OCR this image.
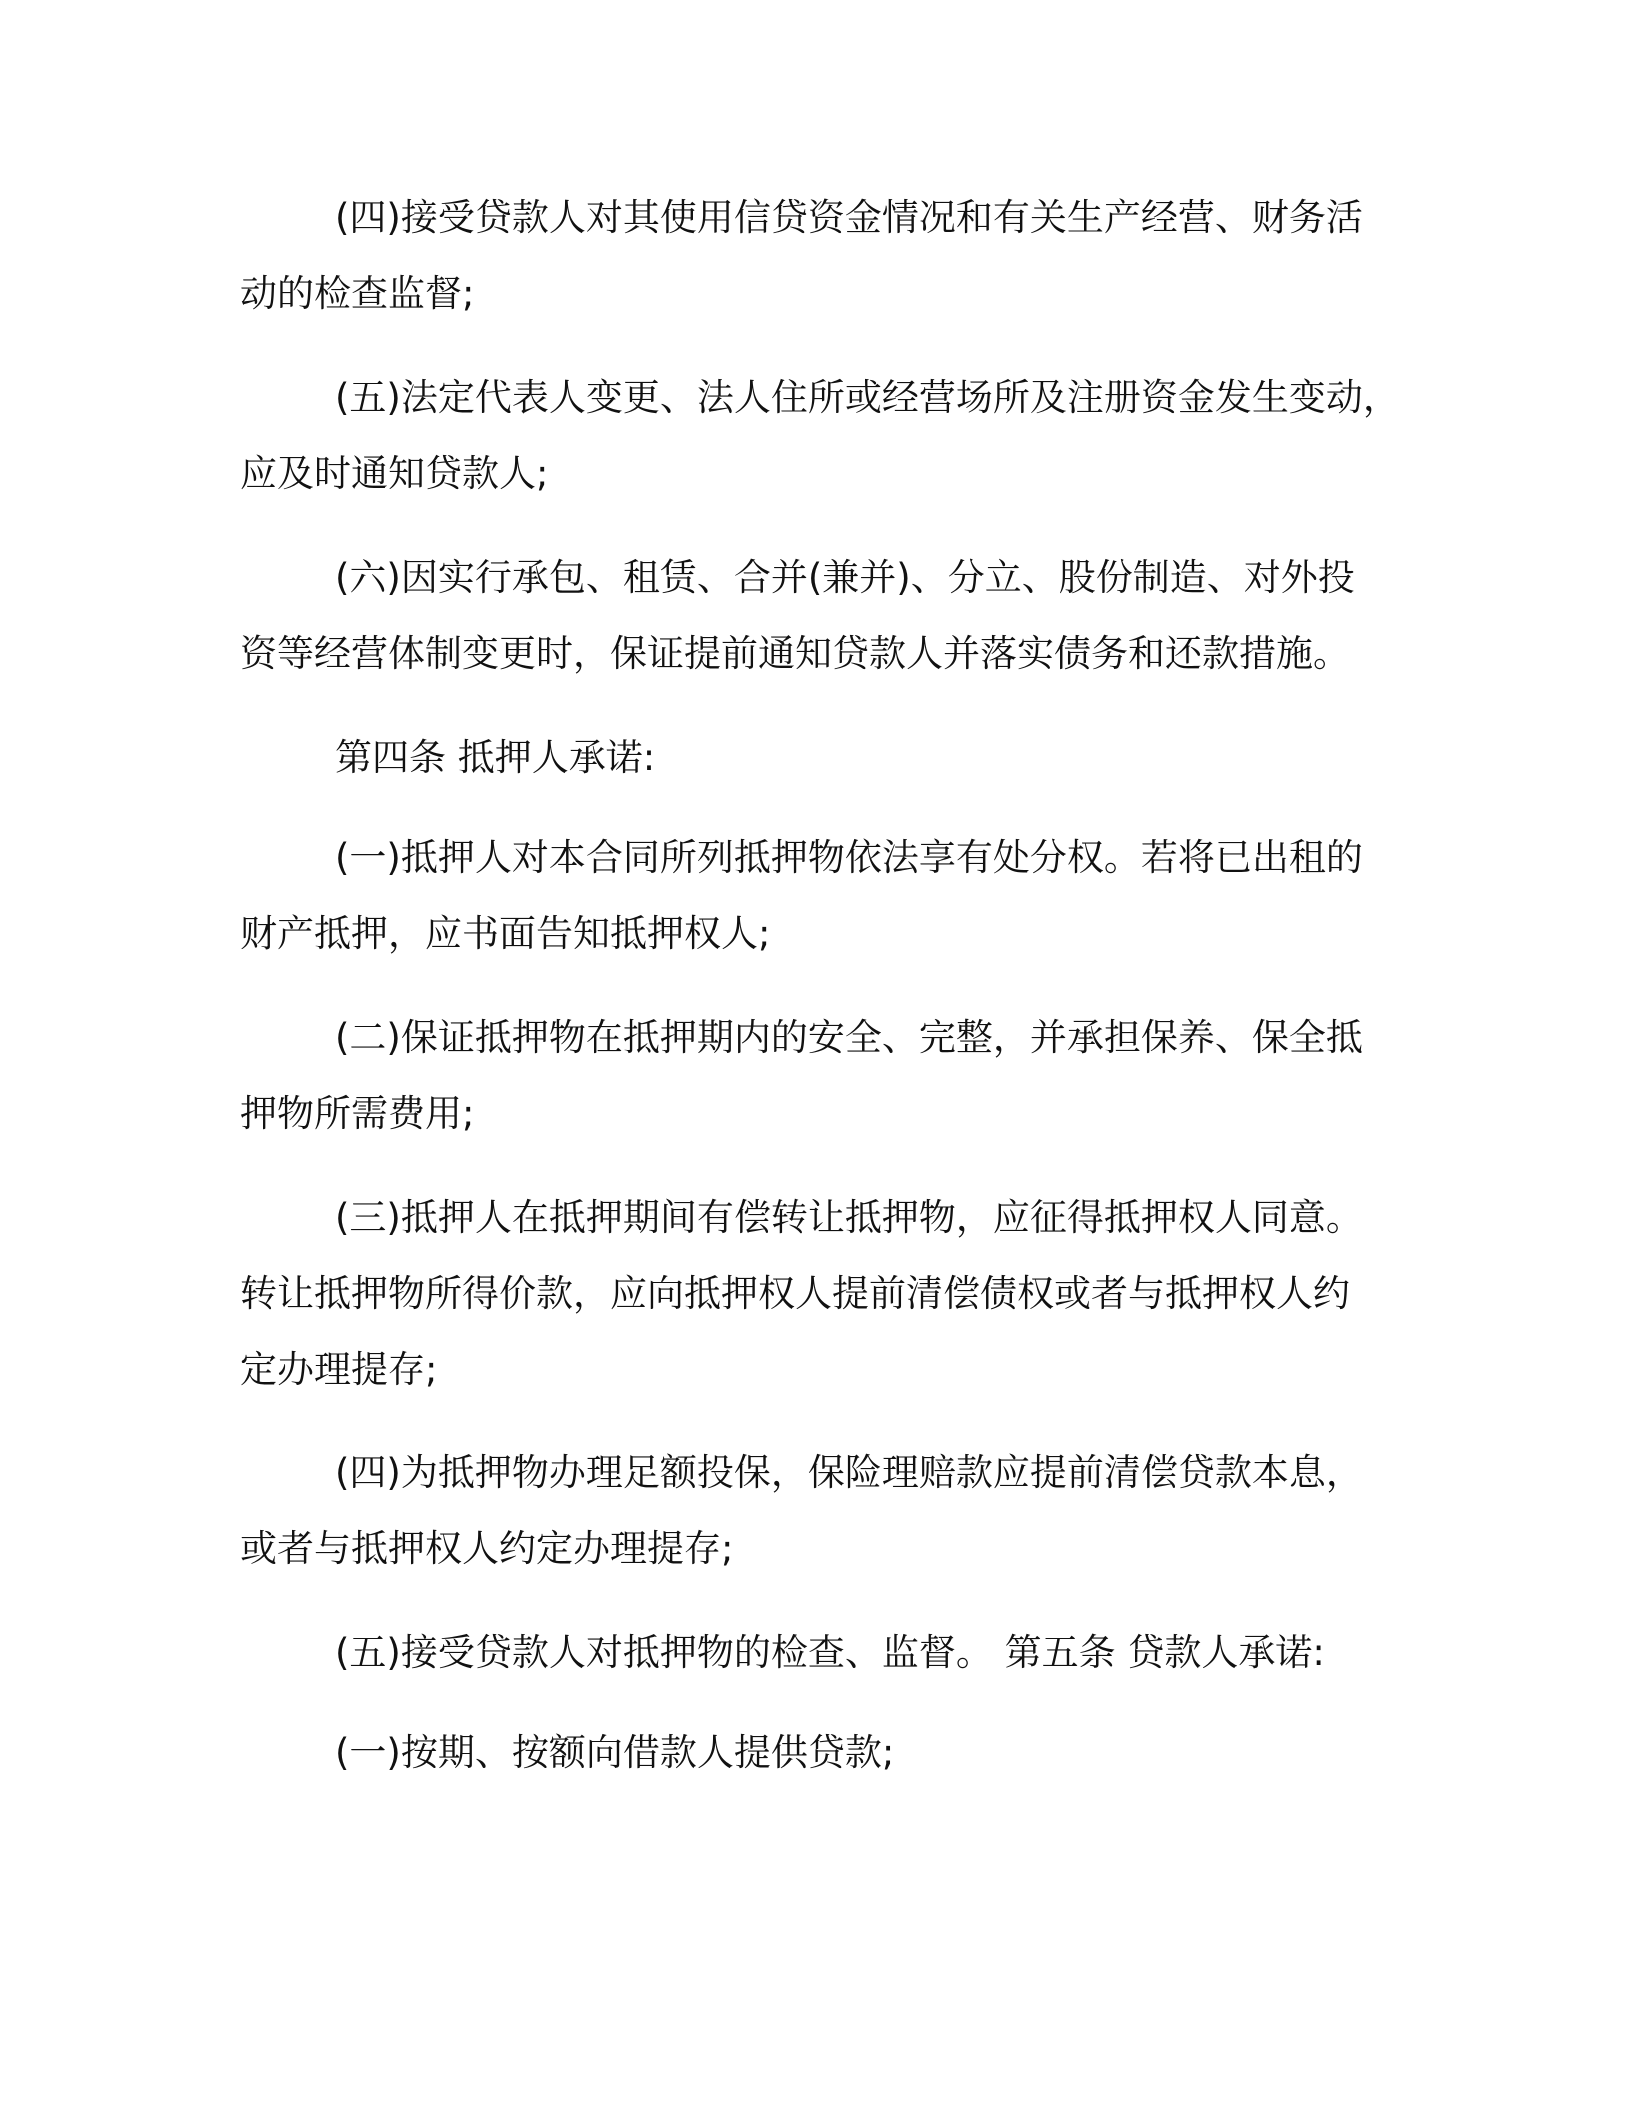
(四)接受贷款人对其使用信贷资金情况和有关生产经营、财务活
动的检查监督;

(五)法定代表人变更、法人住所或经营场所及注册资金发生变动，
应及时通知贷款人;

(六)因实行承包、租赁、合并(兼并)、分立、股份制造、对外投
资等经营体制变更时，保证提前通知贷款人并落实债务和还款措施。

第四条 抵押人承诺:

(一)抵押人对本合同所列抵押物依法享有处分权。若将已出租的
财产抵押，应书面告知抵押权人;

(二)保证抵押物在抵押期内的安全、完整，并承担保养、保全抵
押物所需费用;

(三)抵押人在抵押期间有偿转让抵押物，应征得抵押权人同意。
转让抵押物所得价款，应向抵押权人提前清偿债权或者与抵押权人约
定办理提存;

(四)为抵押物办理足额投保，保险理赔款应提前清偿贷款本息，
或者与抵押权人约定办理提存;

(五)接受贷款人对抵押物的检查、监督。 第五条 贷款人承诺:

(一)按期、按额向借款人提供贷款;
